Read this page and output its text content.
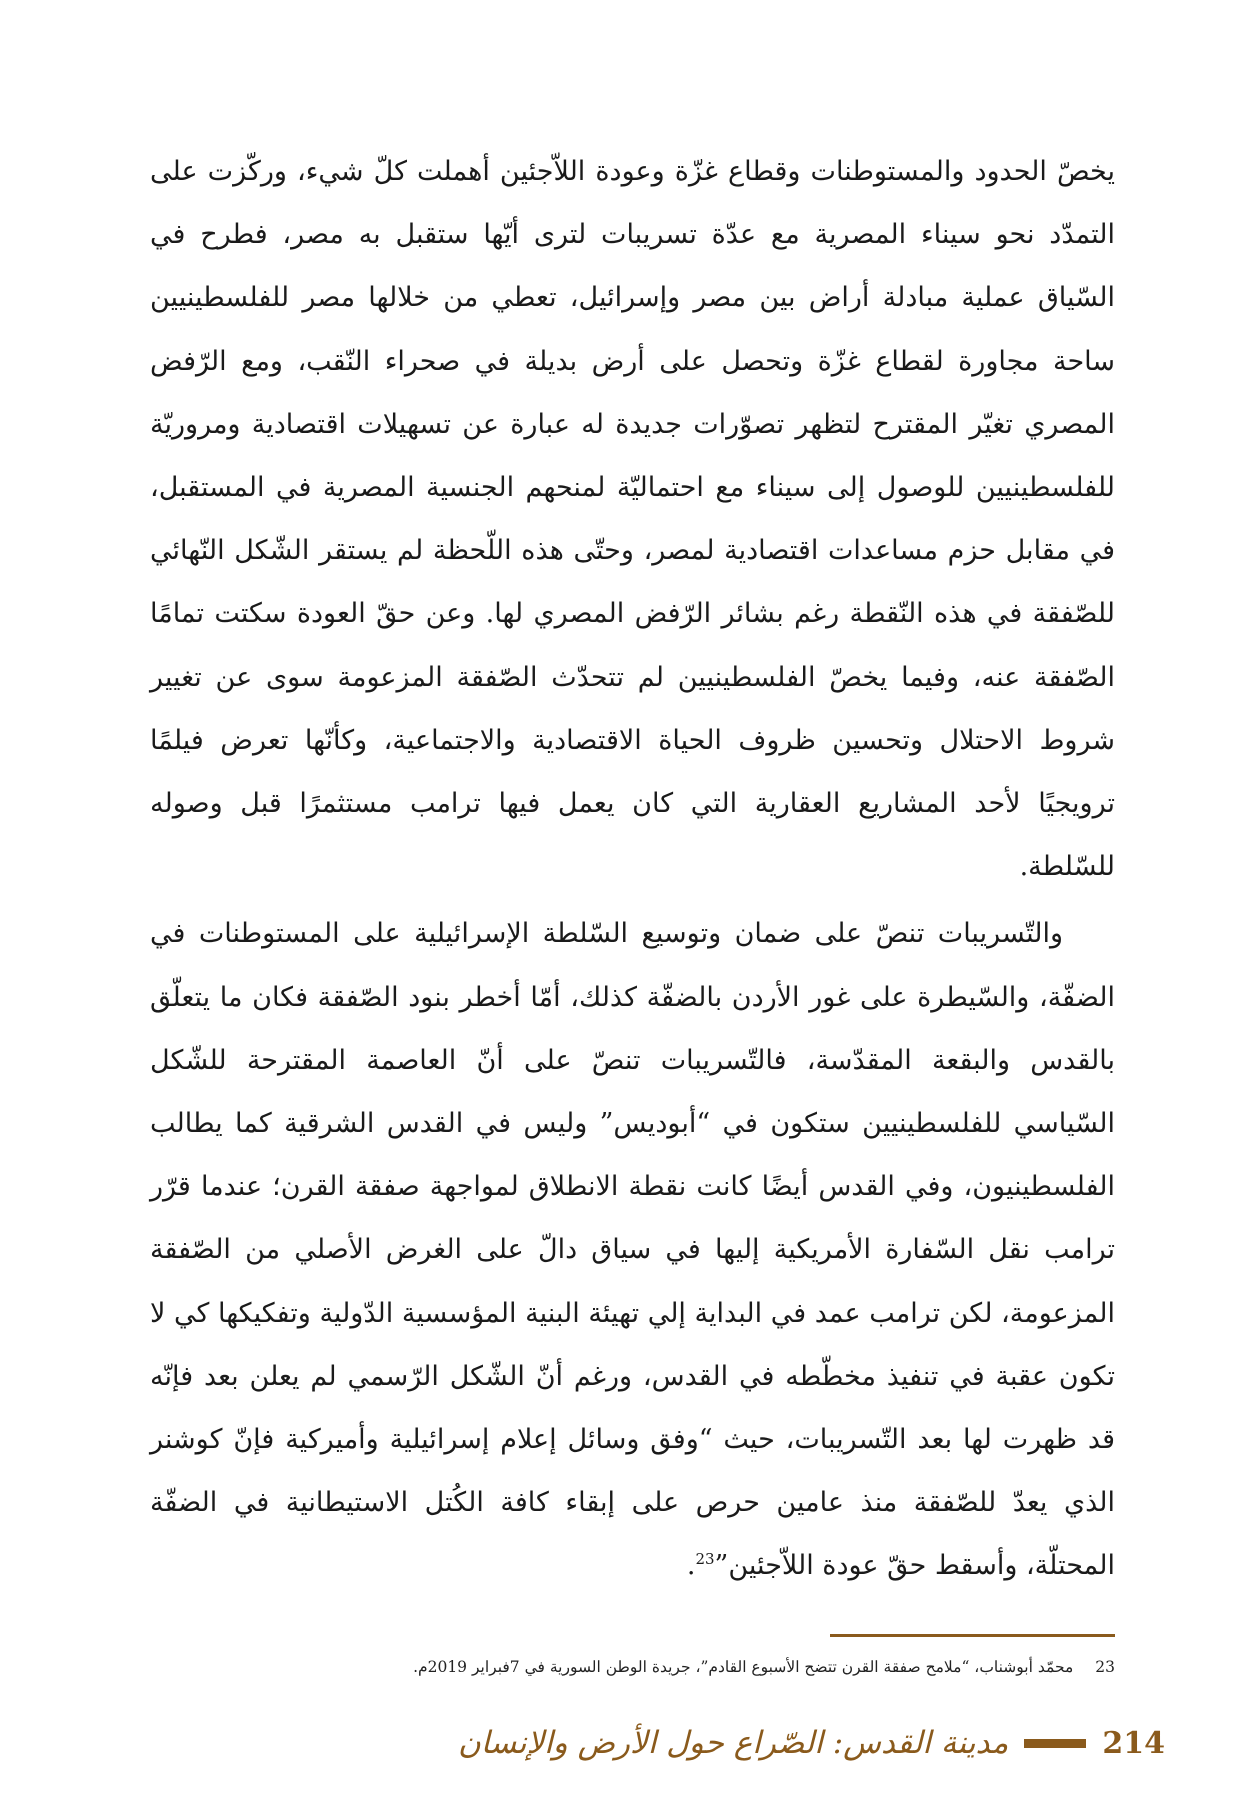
يخصّ الحدود والمستوطنات وقطاع غزّة وعودة اللاّجئين أهملت كلّ شيء، وركّزت على التمدّد نحو سيناء المصرية مع عدّة تسريبات لترى أيّها ستقبل به مصر، فطرح في السّياق عملية مبادلة أراض بين مصر وإسرائيل، تعطي من خلالها مصر للفلسطينيين ساحة مجاورة لقطاع غزّة وتحصل على أرض بديلة في صحراء النّقب، ومع الرّفض المصري تغيّر المقترح لتظهر تصوّرات جديدة له عبارة عن تسهيلات اقتصادية ومروريّة للفلسطينيين للوصول إلى سيناء مع احتماليّة لمنحهم الجنسية المصرية في المستقبل، في مقابل حزم مساعدات اقتصادية لمصر، وحتّى هذه اللّحظة لم يستقر الشّكل النّهائي للصّفقة في هذه النّقطة رغم بشائر الرّفض المصري لها. وعن حقّ العودة سكتت تمامًا الصّفقة عنه، وفيما يخصّ الفلسطينيين لم تتحدّث الصّفقة المزعومة سوى عن تغيير شروط الاحتلال وتحسين ظروف الحياة الاقتصادية والاجتماعية، وكأنّها تعرض فيلمًا ترويجيًا لأحد المشاريع العقارية التي كان يعمل فيها ترامب مستثمرًا قبل وصوله للسّلطة.

والتّسريبات تنصّ على ضمان وتوسيع السّلطة الإسرائيلية على المستوطنات في الضفّة، والسّيطرة على غور الأردن بالضفّة كذلك، أمّا أخطر بنود الصّفقة فكان ما يتعلّق بالقدس والبقعة المقدّسة، فالتّسريبات تنصّ على أنّ العاصمة المقترحة للشّكل السّياسي للفلسطينيين ستكون في “أبوديس” وليس في القدس الشرقية كما يطالب الفلسطينيون، وفي القدس أيضًا كانت نقطة الانطلاق لمواجهة صفقة القرن؛ عندما قرّر ترامب نقل السّفارة الأمريكية إليها في سياق دالّ على الغرض الأصلي من الصّفقة المزعومة، لكن ترامب عمد في البداية إلي تهيئة البنية المؤسسية الدّولية وتفكيكها كي لا تكون عقبة في تنفيذ مخطّطه في القدس، ورغم أنّ الشّكل الرّسمي لم يعلن بعد فإنّه قد ظهرت لها بعد التّسريبات، حيث “وفق وسائل إعلام إسرائيلية وأميركية فإنّ كوشنر الذي يعدّ للصّفقة منذ عامين حرص على إبقاء كافة الكُتل الاستيطانية في الضفّة المحتلّة، وأسقط حقّ عودة اللاّجئين”$^{23}$.

23محمّد أبوشناب، “ملامح صفقة القرن تتضح الأسبوع القادم”، جريدة الوطن السورية في 7فبراير 2019م.
مدينة القدس: الصّراع حول الأرض والإنسان	214
